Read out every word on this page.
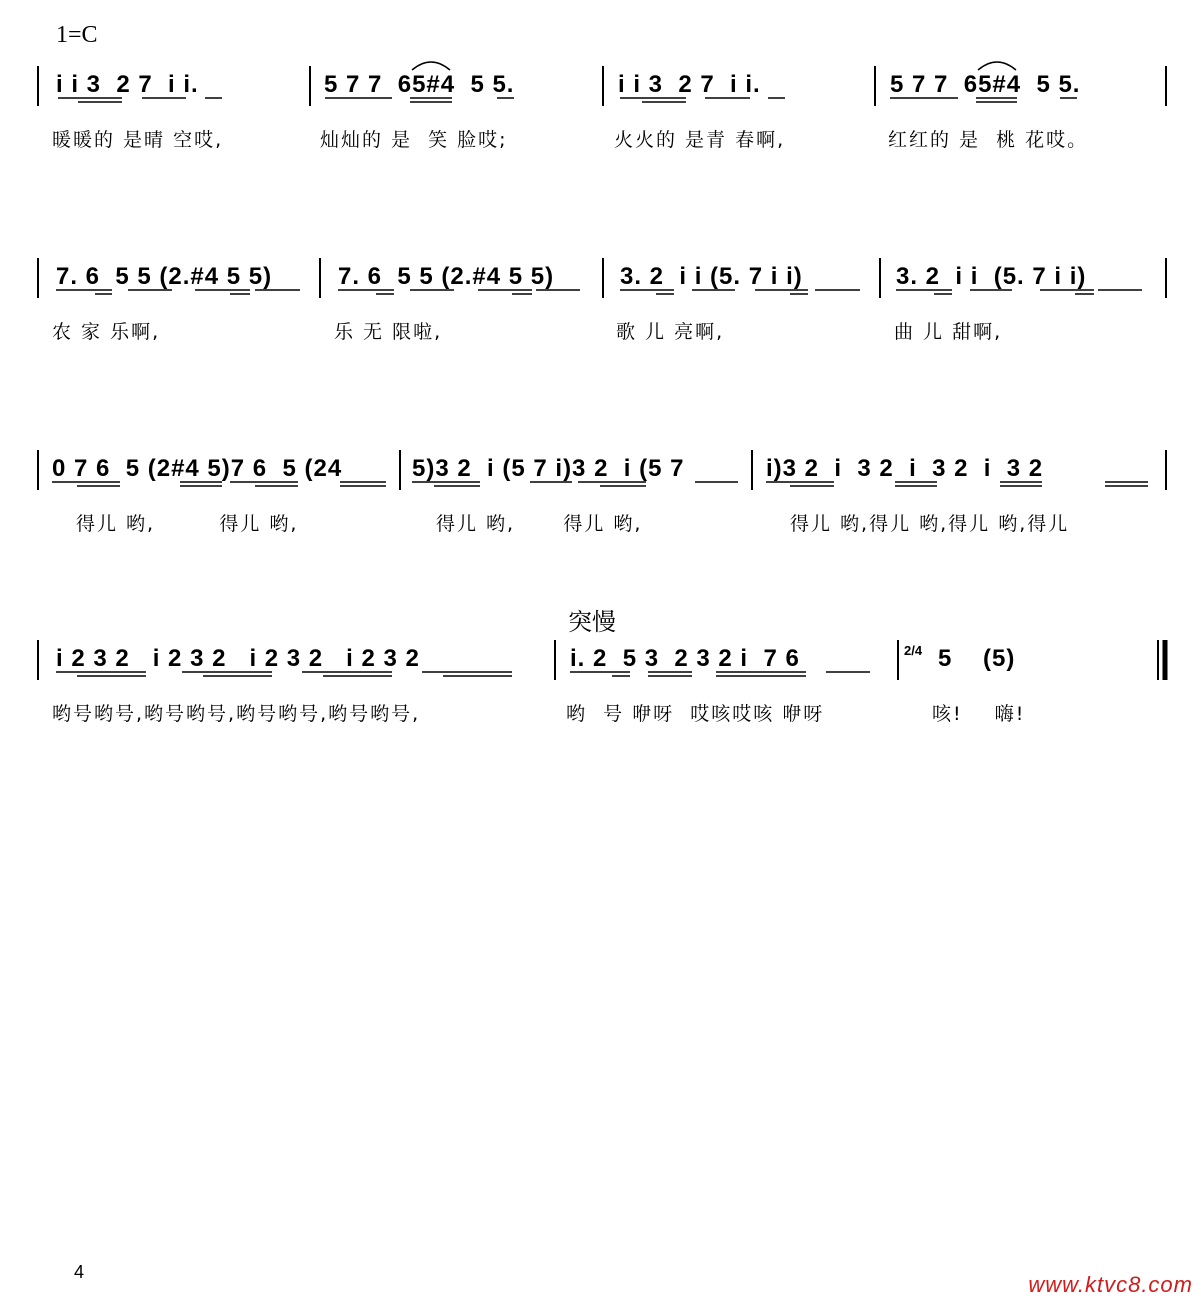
1=C
i i 3  2 7  i i.	5 7 7  65#4  5 5.	i i 3  2 7  i i.	5 7 7  65#4  5 5.
暖暖的 是晴 空哎,	灿灿的 是  笑 脸哎;	火火的 是青 春啊,	红红的 是  桃 花哎。
7. 6  5 5 (2.#4 5 5)	7. 6  5 5 (2.#4 5 5)	3. 2  i i (5. 7 i i)	3. 2  i i  (5. 7 i i)
农 家 乐啊,	乐 无 限啦,	歌 儿 亮啊,	曲 儿 甜啊,
0 7 6  5 (2#4 5)7 6  5 (24	5)3 2  i (5 7 i)3 2  i (5 7	i)3 2  i  3 2  i  3 2  i  3 2
得儿 哟,        得儿 哟,	得儿 哟,      得儿 哟,	得儿 哟,得儿 哟,得儿 哟,得儿
突慢
i 2 3 2   i 2 3 2   i 2 3 2   i 2 3 2	i. 2  5 3  2 3 2 i  7 6	2/4 5    (5)
哟号哟号,哟号哟号,哟号哟号,哟号哟号,	哟  号 咿呀  哎咳哎咳 咿呀	咳!    嗨!
4	www.ktvc8.com
